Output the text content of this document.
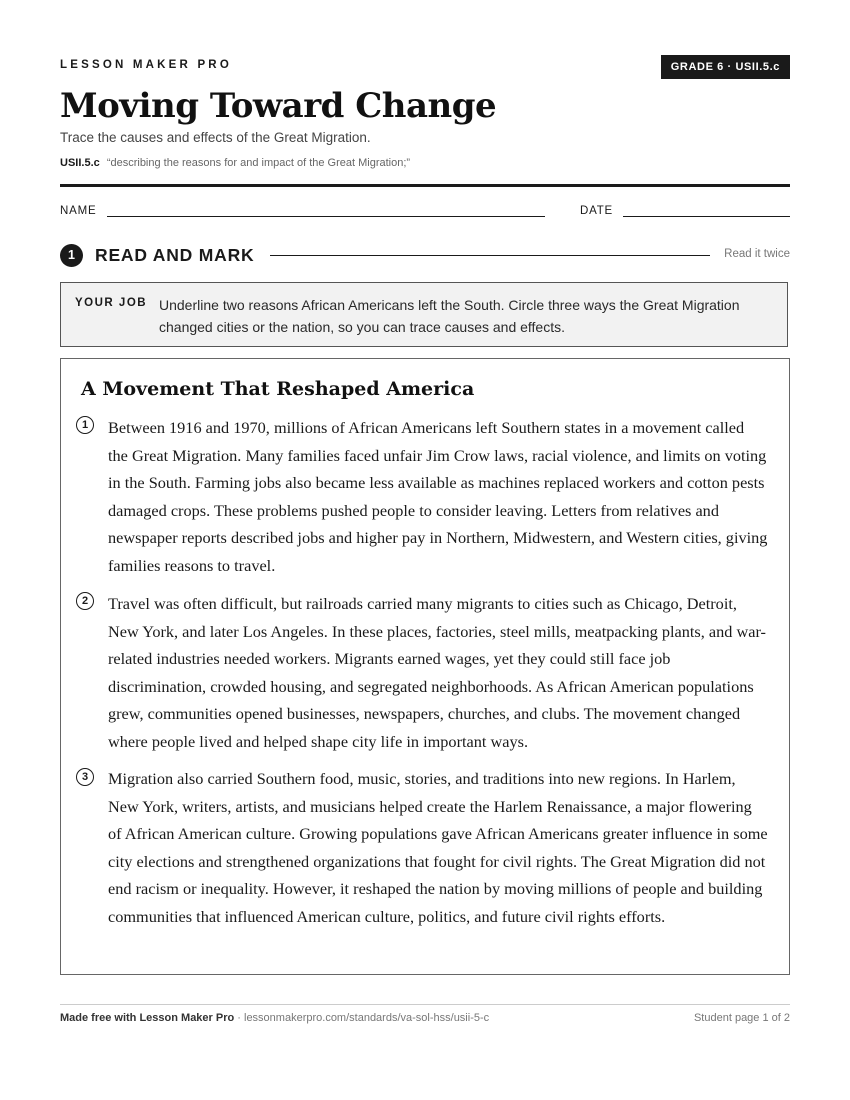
LESSON MAKER PRO	GRADE 6 · USII.5.c
Moving Toward Change
Trace the causes and effects of the Great Migration.
USII.5.c “describing the reasons for and impact of the Great Migration;”
NAME	DATE
1	READ AND MARK	Read it twice
YOUR JOB Underline two reasons African Americans left the South. Circle three ways the Great Migration changed cities or the nation, so you can trace causes and effects.
A Movement That Reshaped America
1	Between 1916 and 1970, millions of African Americans left Southern states in a movement called the Great Migration. Many families faced unfair Jim Crow laws, racial violence, and limits on voting in the South. Farming jobs also became less available as machines replaced workers and cotton pests damaged crops. These problems pushed people to consider leaving. Letters from relatives and newspaper reports described jobs and higher pay in Northern, Midwestern, and Western cities, giving families reasons to travel.

2	Travel was often difficult, but railroads carried many migrants to cities such as Chicago, Detroit, New York, and later Los Angeles. In these places, factories, steel mills, meatpacking plants, and war-related industries needed workers. Migrants earned wages, yet they could still face job discrimination, crowded housing, and segregated neighborhoods. As African American populations grew, communities opened businesses, newspapers, churches, and clubs. The movement changed where people lived and helped shape city life in important ways.

3	Migration also carried Southern food, music, stories, and traditions into new regions. In Harlem, New York, writers, artists, and musicians helped create the Harlem Renaissance, a major flowering of African American culture. Growing populations gave African Americans greater influence in some city elections and strengthened organizations that fought for civil rights. The Great Migration did not end racism or inequality. However, it reshaped the nation by moving millions of people and building communities that influenced American culture, politics, and future civil rights efforts.

Made free with Lesson Maker Pro · lessonmakerpro.com/standards/va-sol-hss/usii-5-c	Student page 1 of 2
